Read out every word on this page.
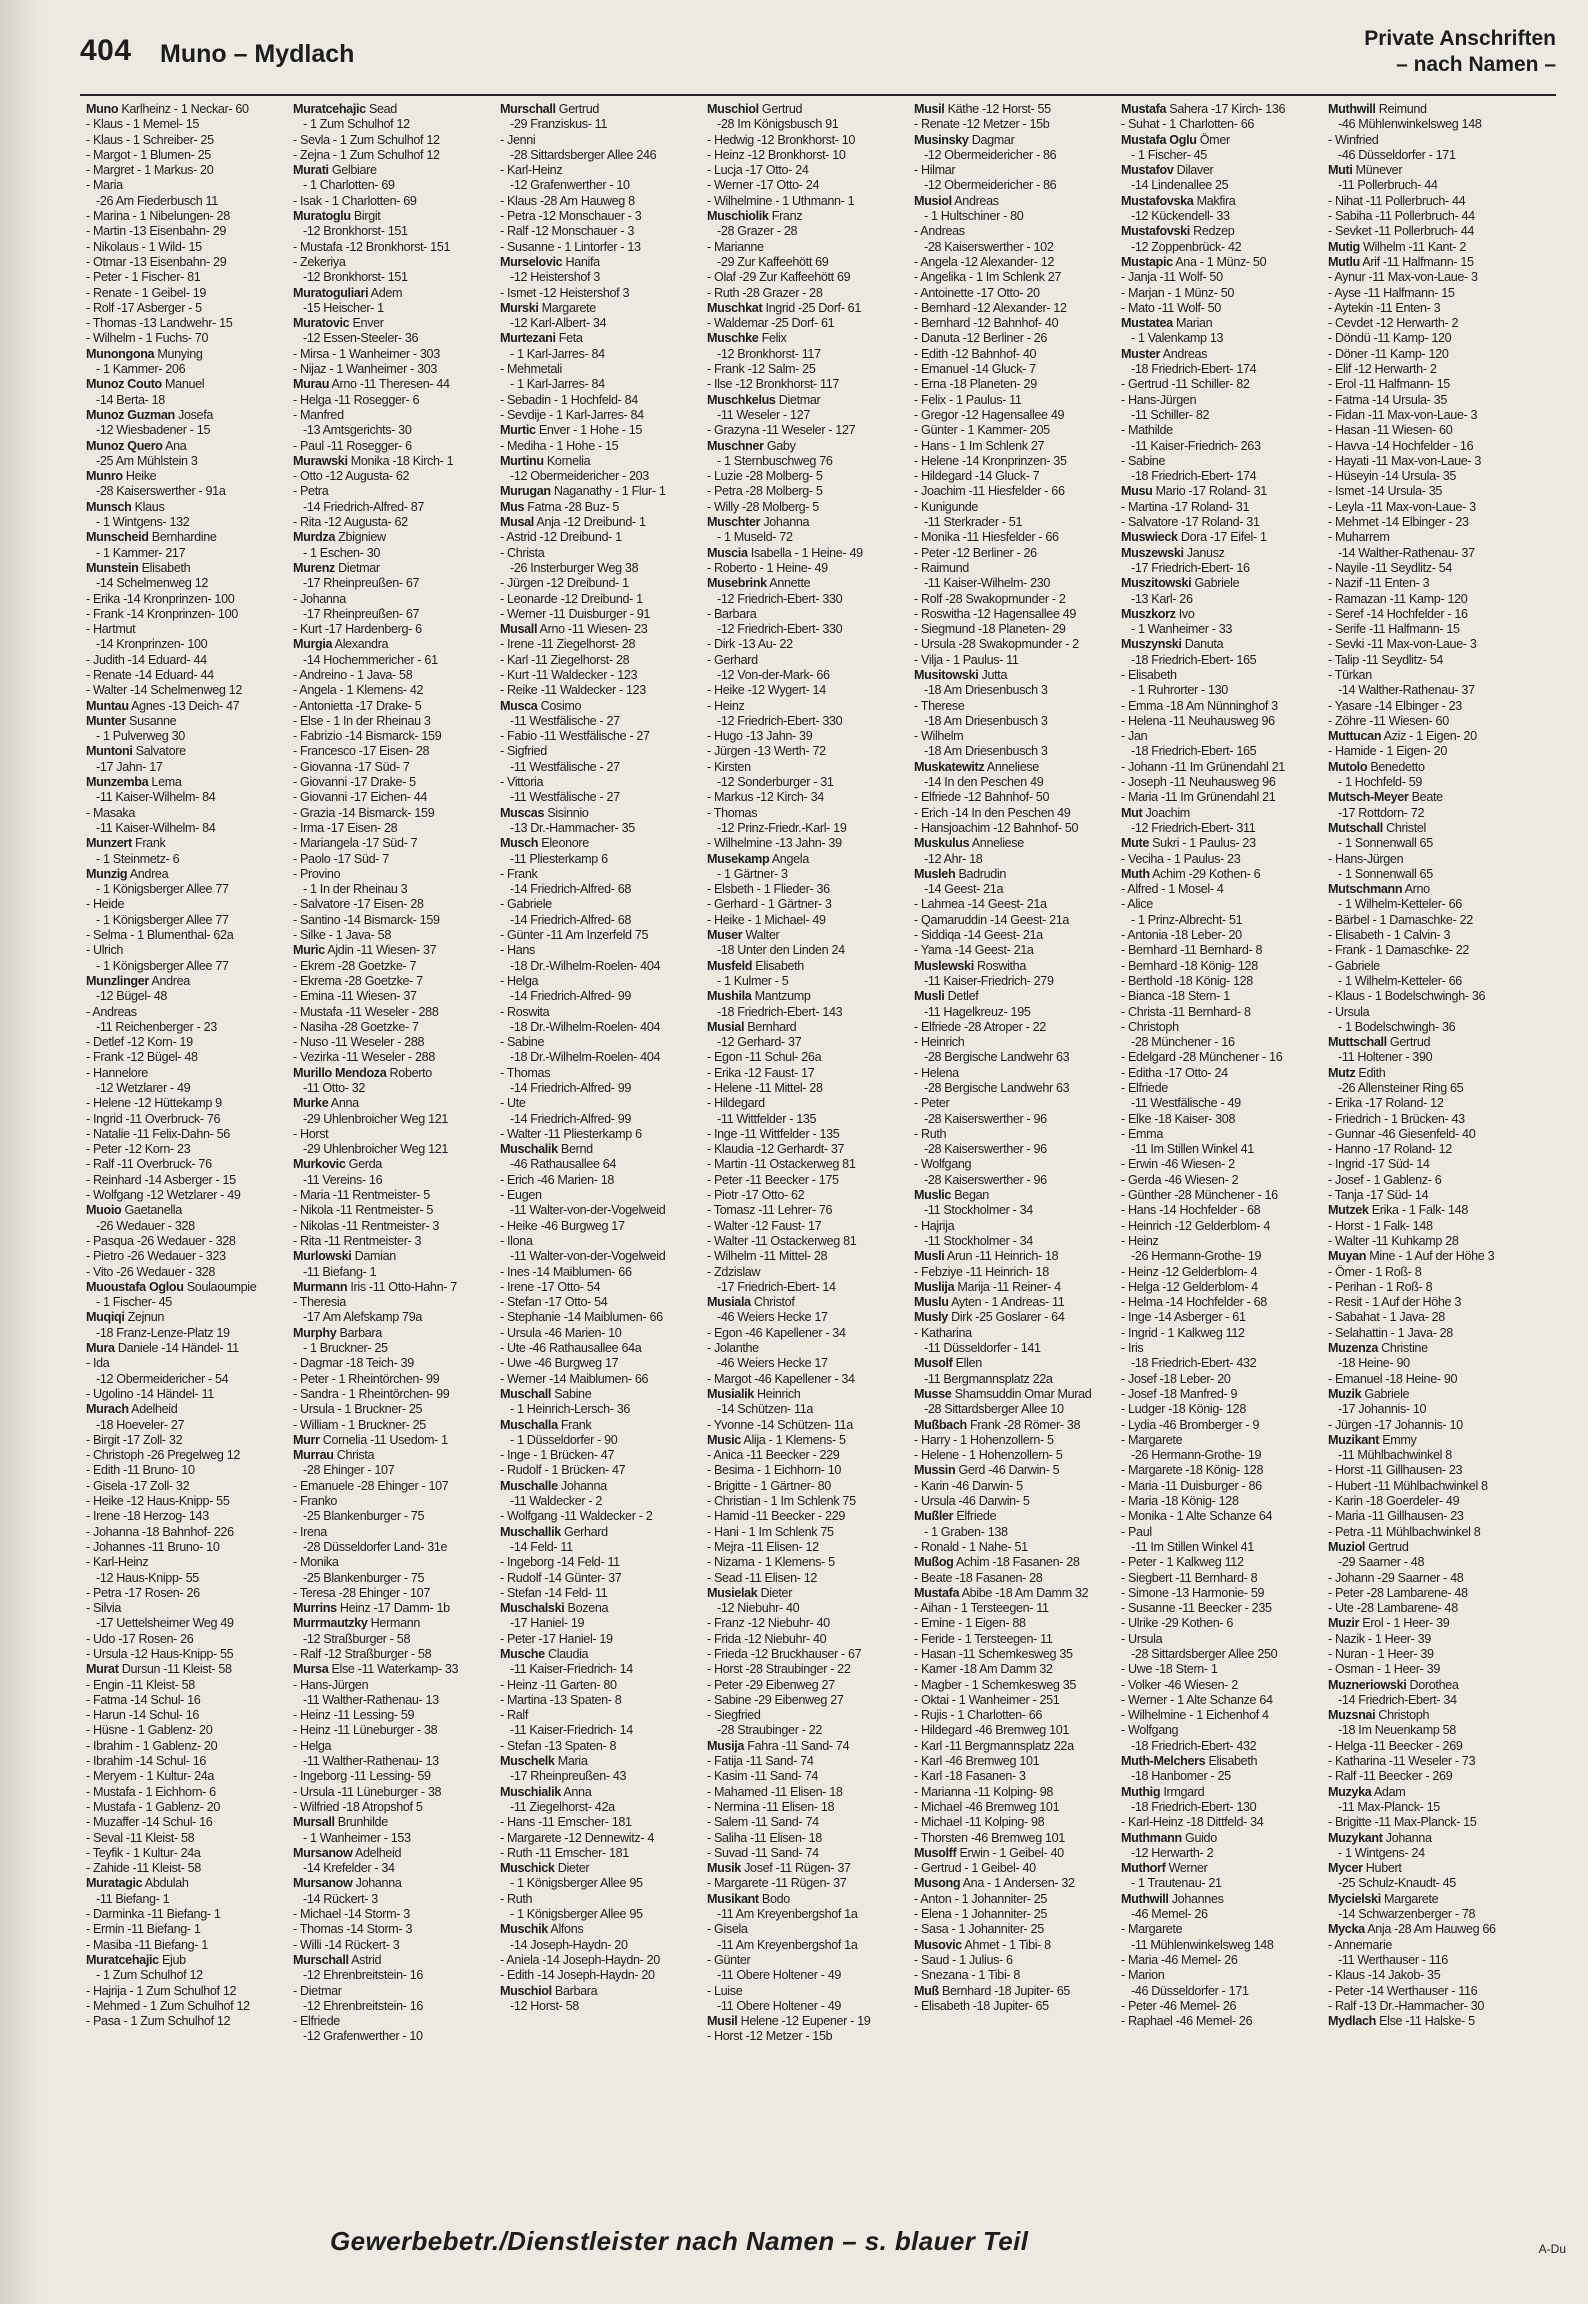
404 Muno – Mydlach
Private Anschriften
– nach Namen –
Muno Karlheinz - 1 Neckar- 60
- Klaus - 1 Memel- 15
- Klaus - 1 Schreiber- 25
- Margot - 1 Blumen- 25
- Margret - 1 Markus- 20
- Maria
-26 Am Fiederbusch 11
- Marina - 1 Nibelungen- 28
- Martin -13 Eisenbahn- 29
- Nikolaus - 1 Wild- 15
- Otmar -13 Eisenbahn- 29
- Peter - 1 Fischer- 81
- Renate - 1 Geibel- 19
- Rolf -17 Asberger - 5
- Thomas -13 Landwehr- 15
- Wilhelm - 1 Fuchs- 70
Munongona Munying
- 1 Kammer- 206
Munoz Couto Manuel
-14 Berta- 18
Munoz Guzman Josefa
-12 Wiesbadener - 15
Munoz Quero Ana
-25 Am Mühlstein 3
Munro Heike
-28 Kaiserswerther - 91a
Munsch Klaus
- 1 Wintgens- 132
Munscheid Bernhardine
- 1 Kammer- 217
Munstein Elisabeth
-14 Schelmenweg 12
- Erika -14 Kronprinzen- 100
- Frank -14 Kronprinzen- 100
- Hartmut
-14 Kronprinzen- 100
- Judith -14 Eduard- 44
- Renate -14 Eduard- 44
- Walter -14 Schelmenweg 12
Muntau Agnes -13 Deich- 47
Munter Susanne
- 1 Pulverweg 30
Muntoni Salvatore
-17 Jahn- 17
Munzemba Lema
-11 Kaiser-Wilhelm- 84
- Masaka
-11 Kaiser-Wilhelm- 84
Munzert Frank
- 1 Steinmetz- 6
Munzig Andrea
- 1 Königsberger Allee 77
- Heide
- 1 Königsberger Allee 77
- Selma - 1 Blumenthal- 62a
- Ulrich
- 1 Königsberger Allee 77
Munzlinger Andrea
-12 Bügel- 48
- Andreas
-11 Reichenberger - 23
- Detlef -12 Korn- 19
- Frank -12 Bügel- 48
- Hannelore
-12 Wetzlarer - 49
- Helene -12 Hüttekamp 9
- Ingrid -11 Overbruck- 76
- Natalie -11 Felix-Dahn- 56
- Peter -12 Korn- 23
- Ralf -11 Overbruck- 76
- Reinhard -14 Asberger - 15
- Wolfgang -12 Wetzlarer - 49
Muoio Gaetanella
-26 Wedauer - 328
- Pasqua -26 Wedauer - 328
- Pietro -26 Wedauer - 323
- Vito -26 Wedauer - 328
Muoustafa Oglou Soulaoumpie
- 1 Fischer- 45
Muqiqi Zejnun
-18 Franz-Lenze-Platz 19
Mura Daniele -14 Händel- 11
- Ida
-12 Obermeidericher - 54
- Ugolino -14 Händel- 11
Murach Adelheid
-18 Hoeveler- 27
- Birgit -17 Zoll- 32
- Christoph -26 Pregelweg 12
- Edith -11 Bruno- 10
- Gisela -17 Zoll- 32
- Heike -12 Haus-Knipp- 55
- Irene -18 Herzog- 143
- Johanna -18 Bahnhof- 226
- Johannes -11 Bruno- 10
- Karl-Heinz
-12 Haus-Knipp- 55
- Petra -17 Rosen- 26
- Silvia
-17 Uettelsheimer Weg 49
- Udo -17 Rosen- 26
- Ursula -12 Haus-Knipp- 55
Murat Dursun -11 Kleist- 58
- Engin -11 Kleist- 58
- Fatma -14 Schul- 16
- Harun -14 Schul- 16
- Hüsne - 1 Gablenz- 20
- Ibrahim - 1 Gablenz- 20
- Ibrahim -14 Schul- 16
- Meryem - 1 Kultur- 24a
- Mustafa - 1 Eichhorn- 6
- Mustafa - 1 Gablenz- 20
- Muzaffer -14 Schul- 16
- Seval -11 Kleist- 58
- Teyfik - 1 Kultur- 24a
- Zahide -11 Kleist- 58
Muratagic Abdulah
-11 Biefang- 1
- Darminka -11 Biefang- 1
- Ermin -11 Biefang- 1
- Masiba -11 Biefang- 1
Muratcehajic Ejub
- 1 Zum Schulhof 12
- Hajrija - 1 Zum Schulhof 12
- Mehmed - 1 Zum Schulhof 12
- Pasa - 1 Zum Schulhof 12
Muratcehajic Sead
- 1 Zum Schulhof 12
- Sevla - 1 Zum Schulhof 12
- Zejna - 1 Zum Schulhof 12
Murati Gelbiare
- 1 Charlotten- 69
- Isak - 1 Charlotten- 69
Muratoglu Birgit
-12 Bronkhorst- 151
- Mustafa -12 Bronkhorst- 151
- Zekeriya
-12 Bronkhorst- 151
Muratoguliari Adem
-15 Heischer- 1
Muratovic Enver
-12 Essen-Steeler- 36
- Mirsa - 1 Wanheimer - 303
- Nijaz - 1 Wanheimer - 303
Murau Arno -11 Theresen- 44
- Helga -11 Rosegger- 6
- Manfred
-13 Amtsgerichts- 30
- Paul -11 Rosegger- 6
Murawski Monika -18 Kirch- 1
- Otto -12 Augusta- 62
- Petra
-14 Friedrich-Alfred- 87
- Rita -12 Augusta- 62
Murdza Zbigniew
- 1 Eschen- 30
Murenz Dietmar
-17 Rheinpreußen- 67
- Johanna
-17 Rheinpreußen- 67
- Kurt -17 Hardenberg- 6
Murgia Alexandra
-14 Hochemmericher - 61
- Andreino - 1 Java- 58
- Angela - 1 Klemens- 42
- Antonietta -17 Drake- 5
- Else - 1 In der Rheinau 3
- Fabrizio -14 Bismarck- 159
- Francesco -17 Eisen- 28
- Giovanna -17 Süd- 7
- Giovanni -17 Drake- 5
- Giovanni -17 Eichen- 44
- Grazia -14 Bismarck- 159
- Irma -17 Eisen- 28
- Mariangela -17 Süd- 7
- Paolo -17 Süd- 7
- Provino
- 1 In der Rheinau 3
- Salvatore -17 Eisen- 28
- Santino -14 Bismarck- 159
- Silke - 1 Java- 58
Muric Ajdin -11 Wiesen- 37
- Ekrem -28 Goetzke- 7
- Ekrema -28 Goetzke- 7
- Emina -11 Wiesen- 37
- Mustafa -11 Weseler - 288
- Nasiha -28 Goetzke- 7
- Nuso -11 Weseler - 288
- Vezirka -11 Weseler - 288
Murillo Mendoza Roberto
-11 Otto- 32
Murke Anna
-29 Uhlenbroicher Weg 121
- Horst
-29 Uhlenbroicher Weg 121
Murkovic Gerda
-11 Vereins- 16
- Maria -11 Rentmeister- 5
- Nikola -11 Rentmeister- 5
- Nikolas -11 Rentmeister- 3
- Rita -11 Rentmeister- 3
Murlowski Damian
-11 Biefang- 1
Murmann Iris -11 Otto-Hahn- 7
- Theresia
-17 Am Alefskamp 79a
Murphy Barbara
- 1 Bruckner- 25
- Dagmar -18 Teich- 39
- Peter - 1 Rheintörchen- 99
- Sandra - 1 Rheintörchen- 99
- Ursula - 1 Bruckner- 25
- William - 1 Bruckner- 25
Murr Cornelia -11 Usedom- 1
Murrau Christa
-28 Ehinger - 107
- Emanuele -28 Ehinger - 107
- Franko
-25 Blankenburger - 75
- Irena
-28 Düsseldorfer Land- 31e
- Monika
-25 Blankenburger - 75
- Teresa -28 Ehinger - 107
Murrins Heinz -17 Damm- 1b
Murrmautzky Hermann
-12 Straßburger - 58
- Ralf -12 Straßburger - 58
Mursa Else -11 Waterkamp- 33
- Hans-Jürgen
-11 Walther-Rathenau- 13
- Heinz -11 Lessing- 59
- Heinz -11 Lüneburger - 38
- Helga
-11 Walther-Rathenau- 13
- Ingeborg -11 Lessing- 59
- Ursula -11 Lüneburger - 38
- Wilfried -18 Atropshof 5
Mursall Brunhilde
- 1 Wanheimer - 153
Mursanow Adelheid
-14 Krefelder - 34
Mursanow Johanna
-14 Rückert- 3
- Michael -14 Storm- 3
- Thomas -14 Storm- 3
- Willi -14 Rückert- 3
Murschall Astrid
-12 Ehrenbreitstein- 16
- Dietmar
-12 Ehrenbreitstein- 16
- Elfriede
-12 Grafenwerther - 10
Murschall Gertrud
-29 Franziskus- 11
- Jenni
-28 Sittardsberger Allee 246
- Karl-Heinz
-12 Grafenwerther - 10
- Klaus -28 Am Hauweg 8
- Petra -12 Monschauer - 3
- Ralf -12 Monschauer - 3
- Susanne - 1 Lintorfer - 13
Murselovic Hanifa
-12 Heistershof 3
- Ismet -12 Heistershof 3
Murski Margarete
-12 Karl-Albert- 34
Murtezani Feta
- 1 Karl-Jarres- 84
- Mehmetali
- 1 Karl-Jarres- 84
- Sebadin - 1 Hochfeld- 84
- Sevdije - 1 Karl-Jarres- 84
Murtic Enver - 1 Hohe - 15
- Mediha - 1 Hohe - 15
Murtinu Kornelia
-12 Obermeidericher - 203
Murugan Naganathy - 1 Flur- 1
Mus Fatma -28 Buz- 5
Musal Anja -12 Dreibund- 1
- Astrid -12 Dreibund- 1
- Christa
-26 Insterburger Weg 38
- Jürgen -12 Dreibund- 1
- Leonarde -12 Dreibund- 1
- Werner -11 Duisburger - 91
Musall Arno -11 Wiesen- 23
- Irene -11 Ziegelhorst- 28
- Karl -11 Ziegelhorst- 28
- Kurt -11 Waldecker - 123
- Reike -11 Waldecker - 123
Musca Cosimo
-11 Westfälische - 27
- Fabio -11 Westfälische - 27
- Sigfried
-11 Westfälische - 27
- Vittoria
-11 Westfälische - 27
Muscas Sisinnio
-13 Dr.-Hammacher- 35
Musch Eleonore
-11 Pliesterkamp 6
- Frank
-14 Friedrich-Alfred- 68
- Gabriele
-14 Friedrich-Alfred- 68
- Günter -11 Am Inzerfeld 75
- Hans
-18 Dr.-Wilhelm-Roelen- 404
- Helga
-14 Friedrich-Alfred- 99
- Roswita
-18 Dr.-Wilhelm-Roelen- 404
- Sabine
-18 Dr.-Wilhelm-Roelen- 404
- Thomas
-14 Friedrich-Alfred- 99
- Ute
-14 Friedrich-Alfred- 99
- Walter -11 Pliesterkamp 6
Muschalik Bernd
-46 Rathausallee 64
- Erich -46 Marien- 18
- Eugen
-11 Walter-von-der-Vogelweid
- Heike -46 Burgweg 17
- Ilona
-11 Walter-von-der-Vogelweid
- Ines -14 Maiblumen- 66
- Irene -17 Otto- 54
- Stefan -17 Otto- 54
- Stephanie -14 Maiblumen- 66
- Ursula -46 Marien- 10
- Ute -46 Rathausallee 64a
- Uwe -46 Burgweg 17
- Werner -14 Maiblumen- 66
Muschall Sabine
- 1 Heinrich-Lersch- 36
Muschalla Frank
- 1 Düsseldorfer - 90
- Inge - 1 Brücken- 47
- Rudolf - 1 Brücken- 47
Muschalle Johanna
-11 Waldecker - 2
- Wolfgang -11 Waldecker - 2
Muschallik Gerhard
-14 Feld- 11
- Ingeborg -14 Feld- 11
- Rudolf -14 Günter- 37
- Stefan -14 Feld- 11
Muschalski Bozena
-17 Haniel- 19
- Peter -17 Haniel- 19
Musche Claudia
-11 Kaiser-Friedrich- 14
- Heinz -11 Garten- 80
- Martina -13 Spaten- 8
- Ralf
-11 Kaiser-Friedrich- 14
- Stefan -13 Spaten- 8
Muschelk Maria
-17 Rheinpreußen- 43
Muschialik Anna
-11 Ziegelhorst- 42a
- Hans -11 Emscher- 181
- Margarete -12 Dennewitz- 4
- Ruth -11 Emscher- 181
Muschick Dieter
- 1 Königsberger Allee 95
- Ruth
- 1 Königsberger Allee 95
Muschik Alfons
-14 Joseph-Haydn- 20
- Aniela -14 Joseph-Haydn- 20
- Edith -14 Joseph-Haydn- 20
Muschiol Barbara
-12 Horst- 58
Muschiol Gertrud
-28 Im Königsbusch 91
- Hedwig -12 Bronkhorst- 10
- Heinz -12 Bronkhorst- 10
- Lucja -17 Otto- 24
- Werner -17 Otto- 24
- Wilhelmine - 1 Uthmann- 1
Muschiolik Franz
-28 Grazer - 28
- Marianne
-29 Zur Kaffeehött 69
- Olaf -29 Zur Kaffeehött 69
- Ruth -28 Grazer - 28
Muschkat Ingrid -25 Dorf- 61
- Waldemar -25 Dorf- 61
Muschke Felix
-12 Bronkhorst- 117
- Frank -12 Salm- 25
- Ilse -12 Bronkhorst- 117
Muschkelus Dietmar
-11 Weseler - 127
- Grazyna -11 Weseler - 127
Muschner Gaby
- 1 Sternbuschweg 76
- Luzie -28 Molberg- 5
- Petra -28 Molberg- 5
- Willy -28 Molberg- 5
Muschter Johanna
- 1 Museld- 72
Muscia Isabella - 1 Heine- 49
- Roberto - 1 Heine- 49
Musebrink Annette
-12 Friedrich-Ebert- 330
- Barbara
-12 Friedrich-Ebert- 330
- Dirk -13 Au- 22
- Gerhard
-12 Von-der-Mark- 66
- Heike -12 Wygert- 14
- Heinz
-12 Friedrich-Ebert- 330
- Hugo -13 Jahn- 39
- Jürgen -13 Werth- 72
- Kirsten
-12 Sonderburger - 31
- Markus -12 Kirch- 34
- Thomas
-12 Prinz-Friedr.-Karl- 19
- Wilhelmine -13 Jahn- 39
Musekamp Angela
- 1 Gärtner- 3
- Elsbeth - 1 Flieder- 36
- Gerhard - 1 Gärtner- 3
- Heike - 1 Michael- 49
Muser Walter
-18 Unter den Linden 24
Musfeld Elisabeth
- 1 Kulmer - 5
Mushila Mantzump
-18 Friedrich-Ebert- 143
Musial Bernhard
-12 Gerhard- 37
- Egon -11 Schul- 26a
- Erika -12 Faust- 17
- Helene -11 Mittel- 28
- Hildegard
-11 Wittfelder - 135
- Inge -11 Wittfelder - 135
- Klaudia -12 Gerhardt- 37
- Martin -11 Ostackerweg 81
- Peter -11 Beecker - 175
- Piotr -17 Otto- 62
- Tomasz -11 Lehrer- 76
- Walter -12 Faust- 17
- Walter -11 Ostackerweg 81
- Wilhelm -11 Mittel- 28
- Zdzislaw
-17 Friedrich-Ebert- 14
Musiala Christof
-46 Weiers Hecke 17
- Egon -46 Kapellener - 34
- Jolanthe
-46 Weiers Hecke 17
- Margot -46 Kapellener - 34
Musialik Heinrich
-14 Schützen- 11a
- Yvonne -14 Schützen- 11a
Music Alija - 1 Klemens- 5
- Anica -11 Beecker - 229
- Besima - 1 Eichhorn- 10
- Brigitte - 1 Gärtner- 80
- Christian - 1 Im Schlenk 75
- Hamid -11 Beecker - 229
- Hani - 1 Im Schlenk 75
- Mejra -11 Elisen- 12
- Nizama - 1 Klemens- 5
- Sead -11 Elisen- 12
Musielak Dieter
-12 Niebuhr- 40
- Franz -12 Niebuhr- 40
- Frida -12 Niebuhr- 40
- Frieda -12 Bruckhauser - 67
- Horst -28 Straubinger - 22
- Peter -29 Eibenweg 27
- Sabine -29 Eibenweg 27
- Siegfried
-28 Straubinger - 22
Musija Fahra -11 Sand- 74
- Fatija -11 Sand- 74
- Kasim -11 Sand- 74
- Mahamed -11 Elisen- 18
- Nermina -11 Elisen- 18
- Salem -11 Sand- 74
- Saliha -11 Elisen- 18
- Suvad -11 Sand- 74
Musik Josef -11 Rügen- 37
- Margarete -11 Rügen- 37
Musikant Bodo
-11 Am Kreyenbergshof 1a
- Gisela
-11 Am Kreyenbergshof 1a
- Günter
-11 Obere Holtener - 49
- Luise
-11 Obere Holtener - 49
Musil Helene -12 Eupener - 19
- Horst -12 Metzer - 15b
Musil Käthe -12 Horst- 55
- Renate -12 Metzer - 15b
Musinsky Dagmar
-12 Obermeidericher - 86
- Hilmar
-12 Obermeidericher - 86
Musiol Andreas
- 1 Hultschiner - 80
- Andreas
-28 Kaiserswerther - 102
- Angela -12 Alexander- 12
- Angelika - 1 Im Schlenk 27
- Antoinette -17 Otto- 20
- Bernhard -12 Alexander- 12
- Bernhard -12 Bahnhof- 40
- Danuta -12 Berliner - 26
- Edith -12 Bahnhof- 40
- Emanuel -14 Gluck- 7
- Erna -18 Planeten- 29
- Felix - 1 Paulus- 11
- Gregor -12 Hagensallee 49
- Günter - 1 Kammer- 205
- Hans - 1 Im Schlenk 27
- Helene -14 Kronprinzen- 35
- Hildegard -14 Gluck- 7
- Joachim -11 Hiesfelder - 66
- Kunigunde
-11 Sterkrader - 51
- Monika -11 Hiesfelder - 66
- Peter -12 Berliner - 26
- Raimund
-11 Kaiser-Wilhelm- 230
- Rolf -28 Swakopmunder - 2
- Roswitha -12 Hagensallee 49
- Siegmund -18 Planeten- 29
- Ursula -28 Swakopmunder - 2
- Vilja - 1 Paulus- 11
Musitowski Jutta
-18 Am Driesenbusch 3
- Therese
-18 Am Driesenbusch 3
- Wilhelm
-18 Am Driesenbusch 3
Muskatewitz Anneliese
-14 In den Peschen 49
- Elfriede -12 Bahnhof- 50
- Erich -14 In den Peschen 49
- Hansjoachim -12 Bahnhof- 50
Muskulus Anneliese
-12 Ahr- 18
Musleh Badrudin
-14 Geest- 21a
- Lahmea -14 Geest- 21a
- Qamaruddin -14 Geest- 21a
- Siddiqa -14 Geest- 21a
- Yama -14 Geest- 21a
Muslewski Roswitha
-11 Kaiser-Friedrich- 279
Musli Detlef
-11 Hagelkreuz- 195
- Elfriede -28 Atroper - 22
- Heinrich
-28 Bergische Landwehr 63
- Helena
-28 Bergische Landwehr 63
- Peter
-28 Kaiserswerther - 96
- Ruth
-28 Kaiserswerther - 96
- Wolfgang
-28 Kaiserswerther - 96
Muslic Began
-11 Stockholmer - 34
- Hajrija
-11 Stockholmer - 34
Musli Arun -11 Heinrich- 18
- Febziye -11 Heinrich- 18
Muslija Marija -11 Reiner- 4
Muslu Ayten - 1 Andreas- 11
Musly Dirk -25 Goslarer - 64
- Katharina
-11 Düsseldorfer - 141
Musolf Ellen
-11 Bergmannsplatz 22a
Musse Shamsuddin Omar Murad
-28 Sittardsberger Allee 10
Mußbach Frank -28 Römer- 38
- Harry - 1 Hohenzollern- 5
- Helene - 1 Hohenzollern- 5
Mussin Gerd -46 Darwin- 5
- Karin -46 Darwin- 5
- Ursula -46 Darwin- 5
Mußler Elfriede
- 1 Graben- 138
- Ronald - 1 Nahe- 51
Mußog Achim -18 Fasanen- 28
- Beate -18 Fasanen- 28
Mustafa Abibe -18 Am Damm 32
- Aihan - 1 Tersteegen- 11
- Emine - 1 Eigen- 88
- Feride - 1 Tersteegen- 11
- Hasan -11 Schemkesweg 35
- Kamer -18 Am Damm 32
- Magber - 1 Schemkesweg 35
- Oktai - 1 Wanheimer - 251
- Rujis - 1 Charlotten- 66
- Hildegard -46 Bremweg 101
- Karl -11 Bergmannsplatz 22a
- Karl -46 Bremweg 101
- Karl -18 Fasanen- 3
- Marianna -11 Kolping- 98
- Michael -46 Bremweg 101
- Michael -11 Kolping- 98
- Thorsten -46 Bremweg 101
Musolff Erwin - 1 Geibel- 40
- Gertrud - 1 Geibel- 40
Musong Ana - 1 Andersen- 32
- Anton - 1 Johanniter- 25
- Elena - 1 Johanniter- 25
- Sasa - 1 Johanniter- 25
Musovic Ahmet - 1 Tibi- 8
- Saud - 1 Julius- 6
- Snezana - 1 Tibi- 8
Muß Bernhard -18 Jupiter- 65
- Elisabeth -18 Jupiter- 65
Mustafa Sahera -17 Kirch- 136
- Suhat - 1 Charlotten- 66
Mustafa Oglu Ömer
- 1 Fischer- 45
Mustafov Dilaver
-14 Lindenallee 25
Mustafovska Makfira
-12 Kückendell- 33
Mustafovski Redzep
-12 Zoppenbrück- 42
Mustapic Ana - 1 Münz- 50
- Janja -11 Wolf- 50
- Marjan - 1 Münz- 50
- Mato -11 Wolf- 50
Mustatea Marian
- 1 Valenkamp 13
Muster Andreas
-18 Friedrich-Ebert- 174
- Gertrud -11 Schiller- 82
- Hans-Jürgen
-11 Schiller- 82
- Mathilde
-11 Kaiser-Friedrich- 263
- Sabine
-18 Friedrich-Ebert- 174
Musu Mario -17 Roland- 31
- Martina -17 Roland- 31
- Salvatore -17 Roland- 31
Muswieck Dora -17 Eifel- 1
Muszewski Janusz
-17 Friedrich-Ebert- 16
Muszitowski Gabriele
-13 Karl- 26
Muszkorz Ivo
- 1 Wanheimer - 33
Muszynski Danuta
-18 Friedrich-Ebert- 165
- Elisabeth
- 1 Ruhrorter - 130
- Emma -18 Am Nünninghof 3
- Helena -11 Neuhausweg 96
- Jan
-18 Friedrich-Ebert- 165
- Johann -11 Im Grünendahl 21
- Joseph -11 Neuhausweg 96
- Maria -11 Im Grünendahl 21
Mut Joachim
-12 Friedrich-Ebert- 311
Mute Sukri - 1 Paulus- 23
- Veciha - 1 Paulus- 23
Muth Achim -29 Kothen- 6
- Alfred - 1 Mosel- 4
- Alice
- 1 Prinz-Albrecht- 51
- Antonia -18 Leber- 20
- Bernhard -11 Bernhard- 8
- Bernhard -18 König- 128
- Berthold -18 König- 128
- Bianca -18 Stern- 1
- Christa -11 Bernhard- 8
- Christoph
-28 Münchener - 16
- Edelgard -28 Münchener - 16
- Editha -17 Otto- 24
- Elfriede
-11 Westfälische - 49
- Elke -18 Kaiser- 308
- Emma
-11 Im Stillen Winkel 41
- Erwin -46 Wiesen- 2
- Gerda -46 Wiesen- 2
- Günther -28 Münchener - 16
- Hans -14 Hochfelder - 68
- Heinrich -12 Gelderblom- 4
- Heinz
-26 Hermann-Grothe- 19
- Heinz -12 Gelderblom- 4
- Helga -12 Gelderblom- 4
- Helma -14 Hochfelder - 68
- Inge -14 Asberger - 61
- Ingrid - 1 Kalkweg 112
- Iris
-18 Friedrich-Ebert- 432
- Josef -18 Leber- 20
- Josef -18 Manfred- 9
- Ludger -18 König- 128
- Lydia -46 Bromberger - 9
- Margarete
-26 Hermann-Grothe- 19
- Margarete -18 König- 128
- Maria -11 Duisburger - 86
- Maria -18 König- 128
- Monika - 1 Alte Schanze 64
- Paul
-11 Im Stillen Winkel 41
- Peter - 1 Kalkweg 112
- Siegbert -11 Bernhard- 8
- Simone -13 Harmonie- 59
- Susanne -11 Beecker - 235
- Ulrike -29 Kothen- 6
- Ursula
-28 Sittardsberger Allee 250
- Uwe -18 Stern- 1
- Volker -46 Wiesen- 2
- Werner - 1 Alte Schanze 64
- Wilhelmine - 1 Eichenhof 4
- Wolfgang
-18 Friedrich-Ebert- 432
Muth-Melchers Elisabeth
-18 Hanbomer - 25
Muthig Irmgard
-18 Friedrich-Ebert- 130
- Karl-Heinz -18 Dittfeld- 34
Muthmann Guido
-12 Herwarth- 2
Muthorf Werner
- 1 Trautenau- 21
Muthwill Johannes
-46 Memel- 26
- Margarete
-11 Mühlenwinkelsweg 148
- Maria -46 Memel- 26
- Marion
-46 Düsseldorfer - 171
- Peter -46 Memel- 26
- Raphael -46 Memel- 26
Muthwill Reimund
-46 Mühlenwinkelsweg 148
- Winfried
-46 Düsseldorfer - 171
Muti Münever
-11 Pollerbruch- 44
- Nihat -11 Pollerbruch- 44
- Sabiha -11 Pollerbruch- 44
- Sevket -11 Pollerbruch- 44
Mutig Wilhelm -11 Kant- 2
Mutlu Arif -11 Halfmann- 15
- Aynur -11 Max-von-Laue- 3
- Ayse -11 Halfmann- 15
- Aytekin -11 Enten- 3
- Cevdet -12 Herwarth- 2
- Döndü -11 Kamp- 120
- Döner -11 Kamp- 120
- Elif -12 Herwarth- 2
- Erol -11 Halfmann- 15
- Fatma -14 Ursula- 35
- Fidan -11 Max-von-Laue- 3
- Hasan -11 Wiesen- 60
- Havva -14 Hochfelder - 16
- Hayati -11 Max-von-Laue- 3
- Hüseyin -14 Ursula- 35
- Ismet -14 Ursula- 35
- Leyla -11 Max-von-Laue- 3
- Mehmet -14 Elbinger - 23
- Muharrem
-14 Walther-Rathenau- 37
- Nayile -11 Seydlitz- 54
- Nazif -11 Enten- 3
- Ramazan -11 Kamp- 120
- Seref -14 Hochfelder - 16
- Serife -11 Halfmann- 15
- Sevki -11 Max-von-Laue- 3
- Talip -11 Seydlitz- 54
- Türkan
-14 Walther-Rathenau- 37
- Yasare -14 Elbinger - 23
- Zöhre -11 Wiesen- 60
Muttucan Aziz - 1 Eigen- 20
- Hamide - 1 Eigen- 20
Mutolo Benedetto
- 1 Hochfeld- 59
Mutsch-Meyer Beate
-17 Rottdorn- 72
Mutschall Christel
- 1 Sonnenwall 65
- Hans-Jürgen
- 1 Sonnenwall 65
Mutschmann Arno
- 1 Wilhelm-Ketteler- 66
- Bärbel - 1 Damaschke- 22
- Elisabeth - 1 Calvin- 3
- Frank - 1 Damaschke- 22
- Gabriele
- 1 Wilhelm-Ketteler- 66
- Klaus - 1 Bodelschwingh- 36
- Ursula
- 1 Bodelschwingh- 36
Muttschall Gertrud
-11 Holtener - 390
Mutz Edith
-26 Allensteiner Ring 65
- Erika -17 Roland- 12
- Friedrich - 1 Brücken- 43
- Gunnar -46 Giesenfeld- 40
- Hanno -17 Roland- 12
- Ingrid -17 Süd- 14
- Josef - 1 Gablenz- 6
- Tanja -17 Süd- 14
Mutzek Erika - 1 Falk- 148
- Horst - 1 Falk- 148
- Walter -11 Kuhkamp 28
Muyan Mine - 1 Auf der Höhe 3
- Ömer - 1 Roß- 8
- Perihan - 1 Roß- 8
- Resit - 1 Auf der Höhe 3
- Sabahat - 1 Java- 28
- Selahattin - 1 Java- 28
Muzenza Christine
-18 Heine- 90
- Emanuel -18 Heine- 90
Muzik Gabriele
-17 Johannis- 10
- Jürgen -17 Johannis- 10
Muzikant Emmy
-11 Mühlbachwinkel 8
- Horst -11 Gillhausen- 23
- Hubert -11 Mühlbachwinkel 8
- Karin -18 Goerdeler- 49
- Maria -11 Gillhausen- 23
- Petra -11 Mühlbachwinkel 8
Muziol Gertrud
-29 Saarner - 48
- Johann -29 Saarner - 48
- Peter -28 Lambarene- 48
- Ute -28 Lambarene- 48
Muzir Erol - 1 Heer- 39
- Nazik - 1 Heer- 39
- Nuran - 1 Heer- 39
- Osman - 1 Heer- 39
Muzneriowski Dorothea
-14 Friedrich-Ebert- 34
Muzsnai Christoph
-18 Im Neuenkamp 58
- Helga -11 Beecker - 269
- Katharina -11 Weseler - 73
- Ralf -11 Beecker - 269
Muzyka Adam
-11 Max-Planck- 15
- Brigitte -11 Max-Planck- 15
Muzykant Johanna
- 1 Wintgens- 24
Mycer Hubert
-25 Schulz-Knaudt- 45
Mycielski Margarete
-14 Schwarzenberger - 78
Mycka Anja -28 Am Hauweg 66
- Annemarie
-11 Werthauser - 116
- Klaus -14 Jakob- 35
- Peter -14 Werthauser - 116
- Ralf -13 Dr.-Hammacher- 30
Mydlach Else -11 Halske- 5
Gewerbebetr./Dienstleister nach Namen – s. blauer Teil	A-Du
